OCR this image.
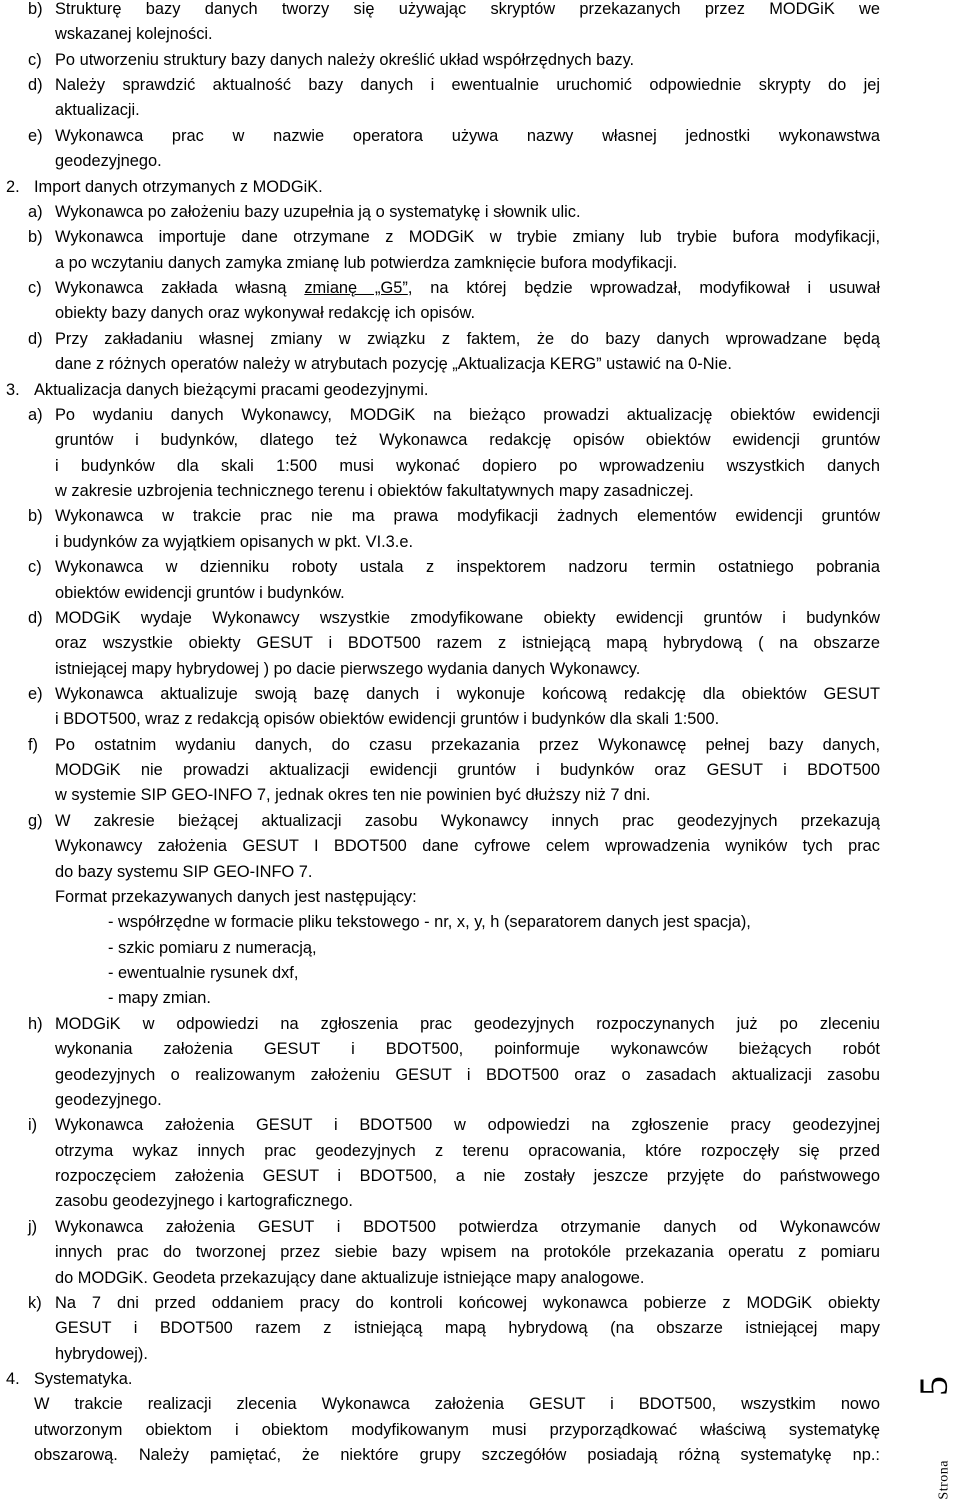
b) Strukturę bazy danych tworzy się używając skryptów przekazanych przez MODGiK we
wskazanej kolejności.
c) Po utworzeniu struktury bazy danych należy określić układ współrzędnych bazy.
d) Należy sprawdzić aktualność bazy danych i ewentualnie uruchomić odpowiednie skrypty do jej
aktualizacji.
e) Wykonawca prac w nazwie operatora używa nazwy własnej jednostki wykonawstwa
geodezyjnego.
2. Import danych otrzymanych z MODGiK.
a) Wykonawca po założeniu bazy uzupełnia ją o systematykę i słownik ulic.
b) Wykonawca importuje dane otrzymane z MODGiK w trybie zmiany lub trybie bufora modyfikacji,
a po wczytaniu danych zamyka zmianę lub potwierdza zamknięcie bufora modyfikacji.
c) Wykonawca zakłada własną zmianę „G5”, na której będzie wprowadzał, modyfikował i usuwał
obiekty bazy danych oraz wykonywał redakcję ich opisów.
d) Przy zakładaniu własnej zmiany w związku z faktem, że do bazy danych wprowadzane będą
dane z różnych operatów należy w atrybutach pozycję „Aktualizacja KERG” ustawić na 0-Nie.
3. Aktualizacja danych bieżącymi pracami geodezyjnymi.
a) Po wydaniu danych Wykonawcy, MODGiK na bieżąco prowadzi aktualizację obiektów ewidencji
gruntów i budynków, dlatego też Wykonawca redakcję opisów obiektów ewidencji gruntów
i budynków dla skali 1:500 musi wykonać dopiero po wprowadzeniu wszystkich danych
w zakresie uzbrojenia technicznego terenu i obiektów fakultatywnych mapy zasadniczej.
b) Wykonawca w trakcie prac nie ma prawa modyfikacji żadnych elementów ewidencji gruntów
i budynków za wyjątkiem opisanych w pkt. VI.3.e.
c) Wykonawca w dzienniku roboty ustala z inspektorem nadzoru termin ostatniego pobrania
obiektów ewidencji gruntów i budynków.
d) MODGiK wydaje Wykonawcy wszystkie zmodyfikowane obiekty ewidencji gruntów i budynków
oraz wszystkie obiekty GESUT i BDOT500 razem z istniejącą mapą hybrydową ( na obszarze
istniejącej mapy hybrydowej ) po dacie pierwszego wydania danych Wykonawcy.
e) Wykonawca aktualizuje swoją bazę danych i wykonuje końcową redakcję dla obiektów GESUT
i BDOT500, wraz z redakcją opisów obiektów ewidencji gruntów i budynków dla skali 1:500.
f) Po ostatnim wydaniu danych, do czasu przekazania przez Wykonawcę pełnej bazy danych,
MODGiK nie prowadzi aktualizacji ewidencji gruntów i budynków oraz GESUT i BDOT500
w systemie SIP GEO-INFO 7, jednak okres ten nie powinien być dłuższy niż 7 dni.
g) W zakresie bieżącej aktualizacji zasobu Wykonawcy innych prac geodezyjnych przekazują
Wykonawcy założenia GESUT I BDOT500 dane cyfrowe celem wprowadzenia wyników tych prac
do bazy systemu SIP GEO-INFO 7.
Format przekazywanych danych jest następujący:
- współrzędne w formacie pliku tekstowego - nr, x, y, h (separatorem danych jest spacja),
- szkic pomiaru z numeracją,
- ewentualnie rysunek dxf,
- mapy zmian.
h) MODGiK w odpowiedzi na zgłoszenia prac geodezyjnych rozpoczynanych już po zleceniu
wykonania założenia GESUT i BDOT500, poinformuje wykonawców bieżących robót
geodezyjnych o realizowanym założeniu GESUT i BDOT500 oraz o zasadach aktualizacji zasobu
geodezyjnego.
i) Wykonawca założenia GESUT i BDOT500 w odpowiedzi na zgłoszenie pracy geodezyjnej
otrzyma wykaz innych prac geodezyjnych z terenu opracowania, które rozpoczęły się przed
rozpoczęciem założenia GESUT i BDOT500, a nie zostały jeszcze przyjęte do państwowego
zasobu geodezyjnego i kartograficznego.
j) Wykonawca założenia GESUT i BDOT500 potwierdza otrzymanie danych od Wykonawców
innych prac do tworzonej przez siebie bazy wpisem na protokóle przekazania operatu z pomiaru
do MODGiK. Geodeta przekazujący dane aktualizuje istniejące mapy analogowe.
k) Na 7 dni przed oddaniem pracy do kontroli końcowej wykonawca pobierze z MODGiK obiekty
GESUT i BDOT500 razem z istniejącą mapą hybrydową (na obszarze istniejącej mapy
hybrydowej).
4. Systematyka.
W trakcie realizacji zlecenia Wykonawca założenia GESUT i BDOT500, wszystkim nowo
utworzonym obiektom i obiektom modyfikowanym musi przyporządkować właściwą systematykę
obszarową. Należy pamiętać, że niektóre grupy szczegółów posiadają różną systematykę np.:
5
Strona
